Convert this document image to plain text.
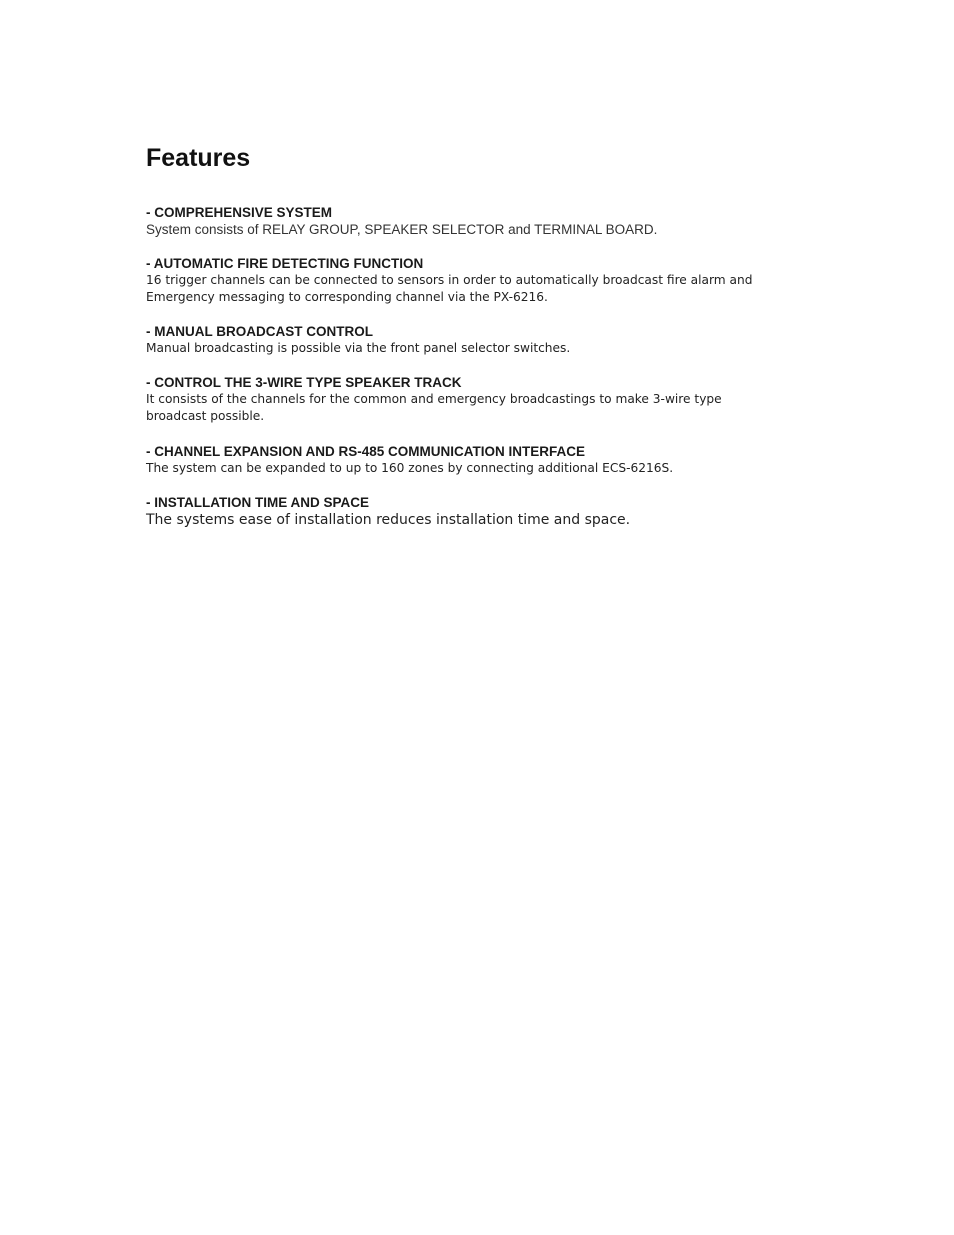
Features
- COMPREHENSIVE SYSTEM
System consists of RELAY GROUP, SPEAKER SELECTOR and TERMINAL BOARD.
- AUTOMATIC FIRE DETECTING FUNCTION
16 trigger channels can be connected to sensors in order to automatically broadcast fire alarm and
Emergency messaging to corresponding channel via the PX-6216.
- MANUAL BROADCAST CONTROL
Manual broadcasting is possible via the front panel selector switches.
- CONTROL THE 3-WIRE TYPE SPEAKER TRACK
It consists of the channels for the common and emergency broadcastings to make 3-wire type
broadcast possible.
- CHANNEL EXPANSION AND RS-485 COMMUNICATION INTERFACE
The system can be expanded to up to 160 zones by connecting additional ECS-6216S.
- INSTALLATION TIME AND SPACE
The systems ease of installation reduces installation time and space.
